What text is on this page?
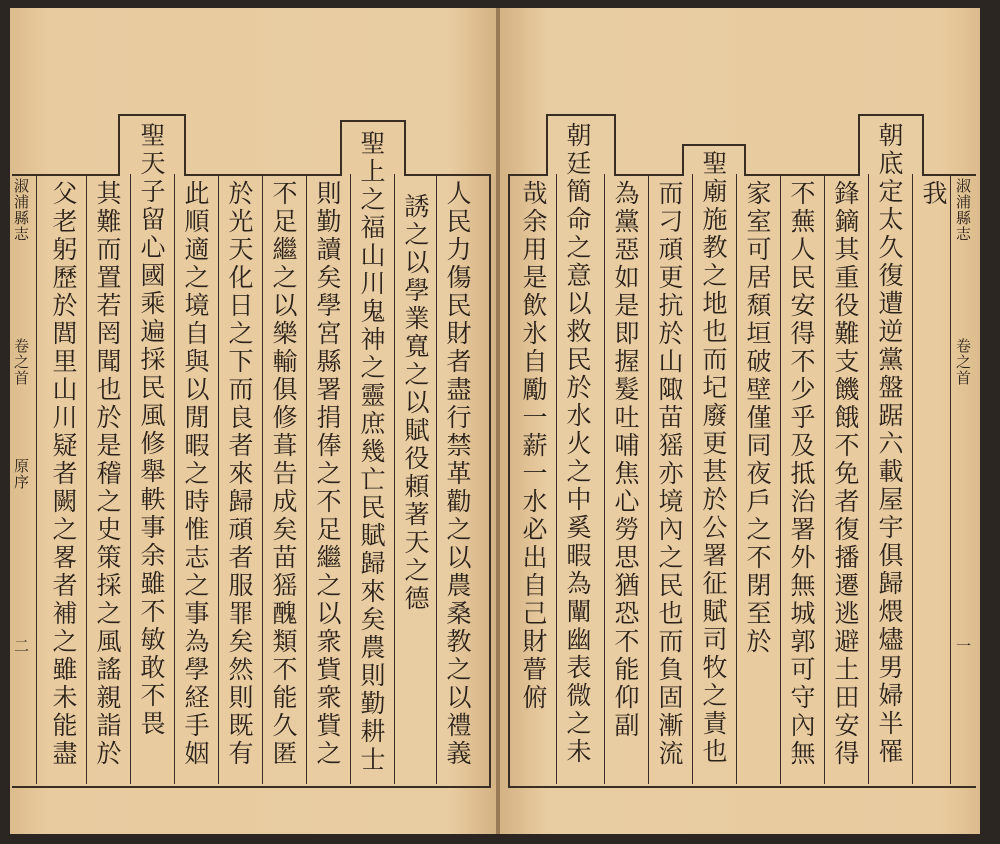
淑浦縣志
卷之首
原序
二	人民力傷民財者盡行禁革勸之以農桑教之以禮義
誘之以學業寬之以賦役頼著天之德
聖上之福山川鬼神之靈庶幾亡民賦歸來矣農則勤耕士
則勤讀矣學宮縣署捐俸之不足繼之以衆貲衆貲之
不足繼之以樂輸俱修葺告成矣苗猺醜類不能久匿
於光天化日之下而良者來歸頑者服罪矣然則既有
此順適之境自與以閒暇之時惟志之事為學経手姻
聖天子留心國乘遍採民風修舉軼事余雖不敏敢不畏
其難而置若罔聞也於是稽之史策採之風謠親詣於
父老躬歷於閭里山川疑者闕之畧者補之雖未能盡	我
朝底定太久復遭逆黨盤踞六載屋宇俱歸煨燼男婦半罹
鋒鏑其重役難支饑餓不免者復播遷逃避土田安得
不蕪人民安得不少乎及抵治署外無城郭可守內無
家室可居頹垣破壁僅同夜戶之不閉至於
聖廟施教之地也而圮廢更甚於公署征賦司牧之責也
而刁頑更抗於山陬苗猺亦境內之民也而負固漸流
為黨惡如是即握髮吐哺焦心勞思猶恐不能仰副
朝廷簡命之意以救民於水火之中奚暇為闡幽表微之未
哉余用是飲氷自勵一薪一水必出自己財瞢俯	淑浦縣志
卷之首
一
